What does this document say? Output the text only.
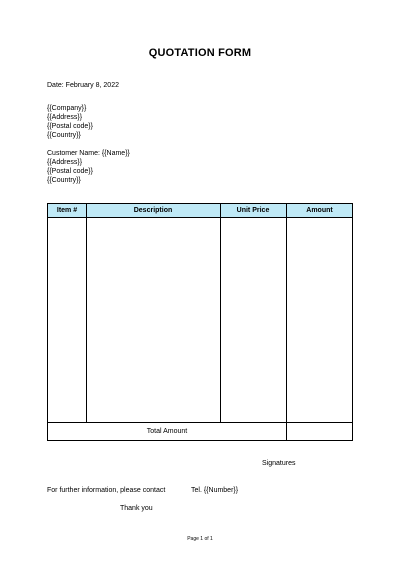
QUOTATION FORM
Date: February 8, 2022
{{Company}}
{{Address}}
{{Postal code}}
{{Country}}
Customer Name: {{Name}}
{{Address}}
{{Postal code}}
{{Country}}
Item #	Description	Unit Price	Amount
Total Amount
Signatures
For further information, please contact	Tel. {{Number}}
Thank you
Page 1 of 1
